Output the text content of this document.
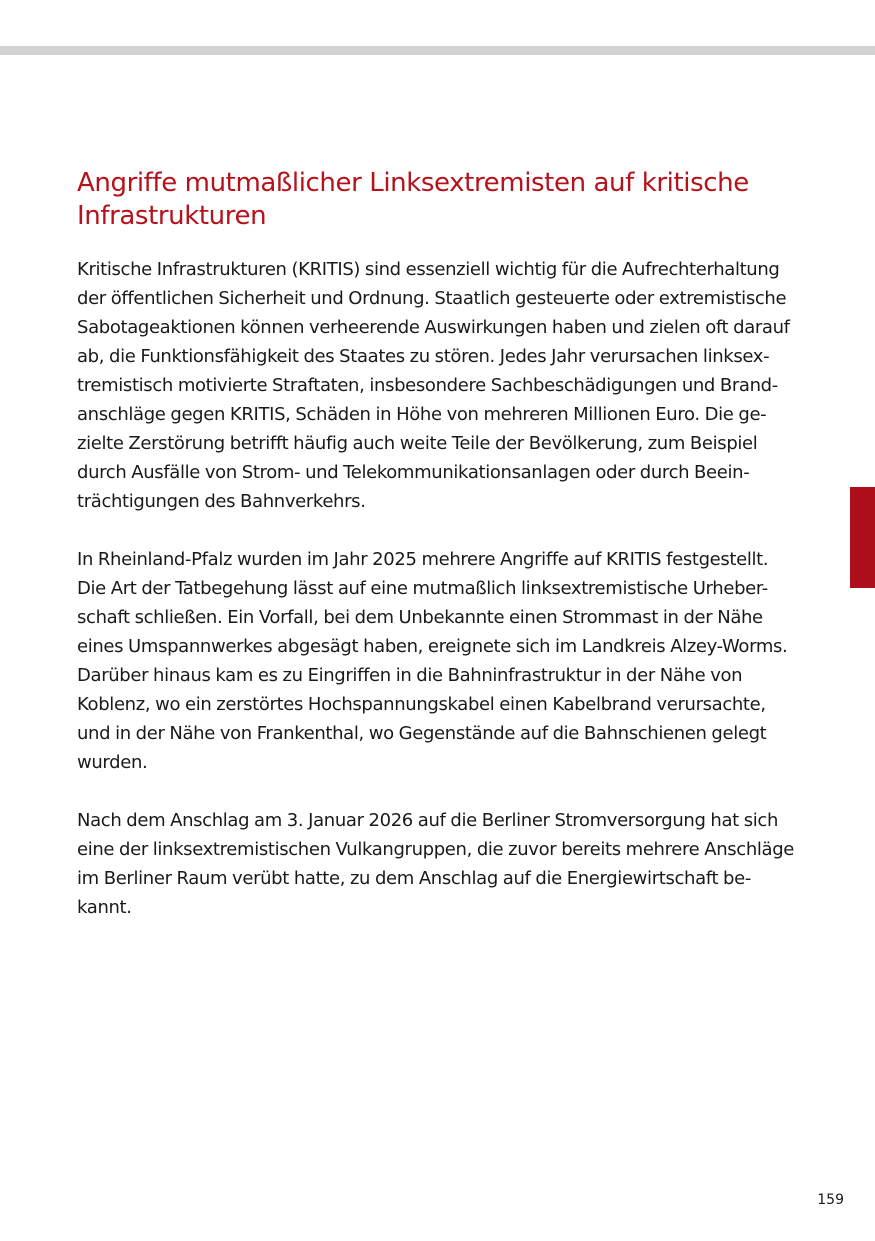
Angriffe mutmaßlicher Linksextremisten auf kritische
Infrastrukturen

Kritische Infrastrukturen (KRITIS) sind essenziell wichtig für die Aufrechterhaltung
der öffentlichen Sicherheit und Ordnung. Staatlich gesteuerte oder extremistische
Sabotageaktionen können verheerende Auswirkungen haben und zielen oft darauf
ab, die Funktionsfähigkeit des Staates zu stören. Jedes Jahr verursachen linksex-
tremistisch motivierte Straftaten, insbesondere Sachbeschädigungen und Brand-
anschläge gegen KRITIS, Schäden in Höhe von mehreren Millionen Euro. Die ge-
zielte Zerstörung betrifft häufig auch weite Teile der Bevölkerung, zum Beispiel
durch Ausfälle von Strom- und Telekommunikationsanlagen oder durch Beein-
trächtigungen des Bahnverkehrs.

In Rheinland-Pfalz wurden im Jahr 2025 mehrere Angriffe auf KRITIS festgestellt.
Die Art der Tatbegehung lässt auf eine mutmaßlich linksextremistische Urheber-
schaft schließen. Ein Vorfall, bei dem Unbekannte einen Strommast in der Nähe
eines Umspannwerkes abgesägt haben, ereignete sich im Landkreis Alzey-Worms.
Darüber hinaus kam es zu Eingriffen in die Bahninfrastruktur in der Nähe von
Koblenz, wo ein zerstörtes Hochspannungskabel einen Kabelbrand verursachte,
und in der Nähe von Frankenthal, wo Gegenstände auf die Bahnschienen gelegt
wurden.

Nach dem Anschlag am 3. Januar 2026 auf die Berliner Stromversorgung hat sich
eine der linksextremistischen Vulkangruppen, die zuvor bereits mehrere Anschläge
im Berliner Raum verübt hatte, zu dem Anschlag auf die Energiewirtschaft be-
kannt.

159
